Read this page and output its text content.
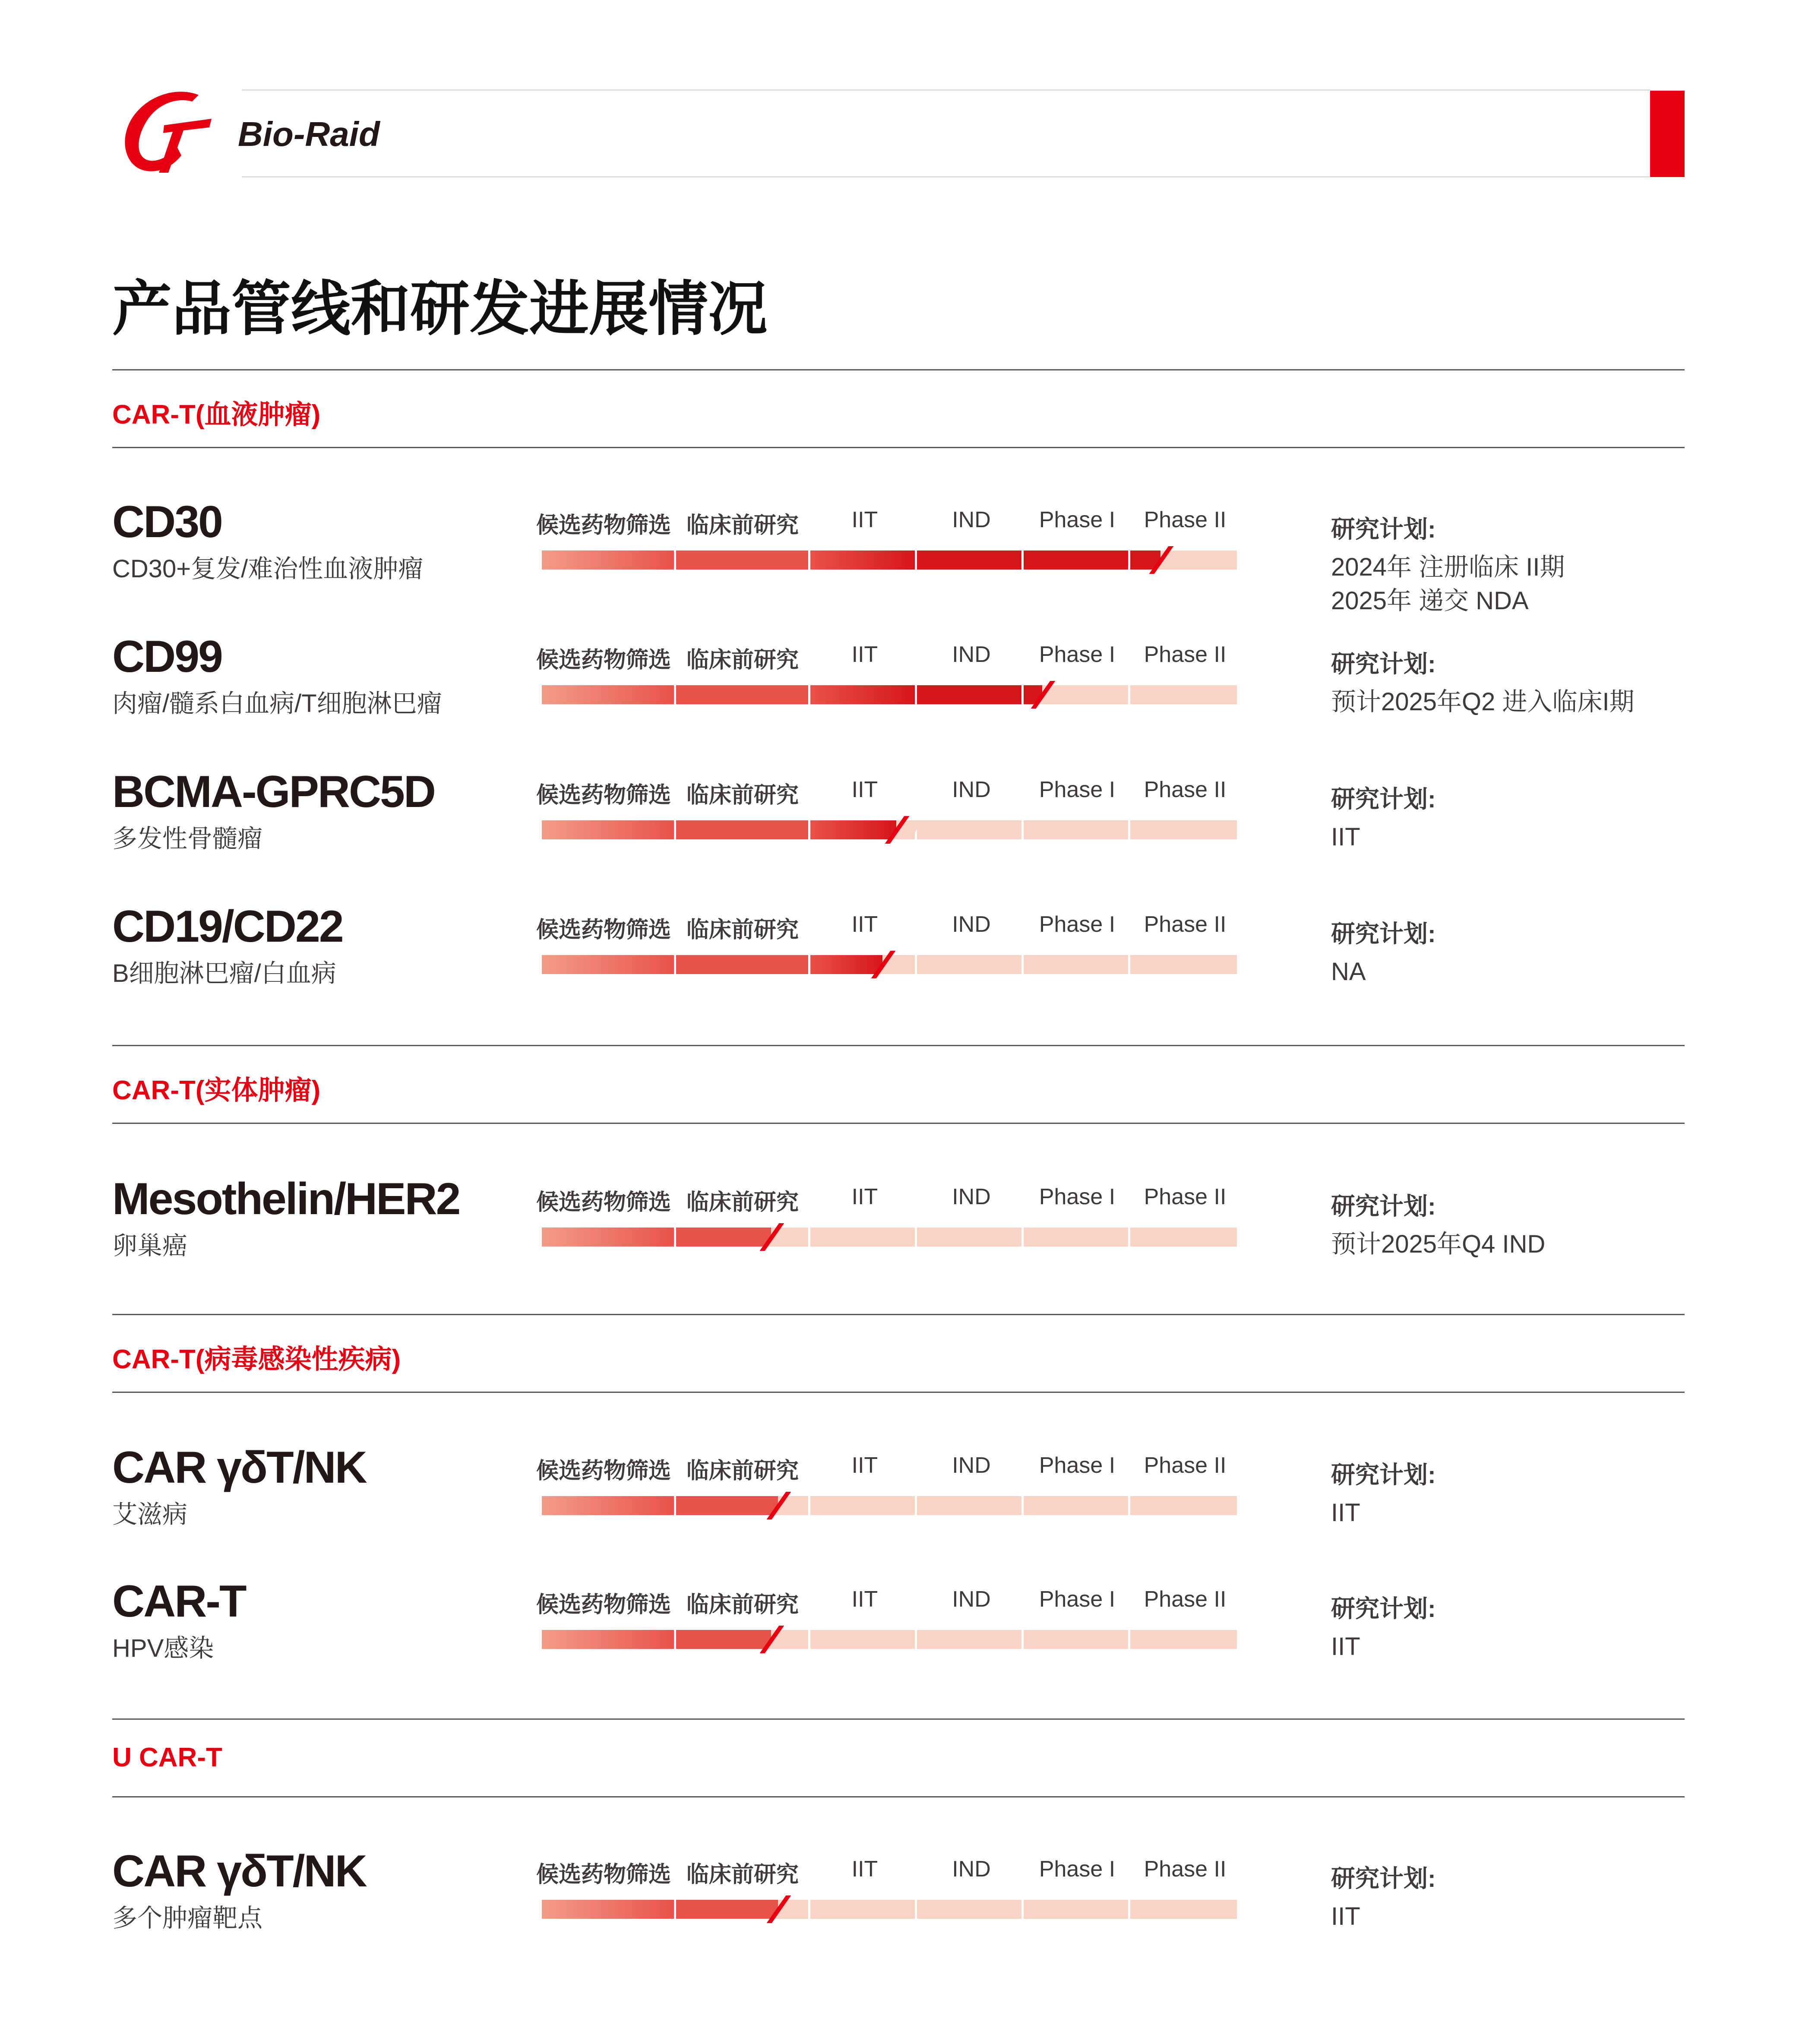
Bio-Raid
产品管线和研发进展情况
CAR-T(血液肿瘤)
CD30
CD30+复发/难治性血液肿瘤
候选药物筛选 临床前研究 IIT	IND Phase I Phase II	研究计划:
2024年 注册临床 II期
2025年 递交 NDA
CD99
肉瘤/髓系白血病/T细胞淋巴瘤
候选药物筛选 临床前研究 IIT	IND Phase I Phase II	研究计划:
预计2025年Q2 进入临床I期
BCMA-GPRC5D
多发性骨髓瘤
候选药物筛选 临床前研究 IIT	IND Phase I Phase II	研究计划:
IIT
CD19/CD22
B细胞淋巴瘤/白血病
候选药物筛选 临床前研究 IIT	IND Phase I Phase II	研究计划:
NA
CAR-T(实体肿瘤)
Mesothelin/HER2
卵巢癌
候选药物筛选 临床前研究 IIT	IND Phase I Phase II	研究计划:
预计2025年Q4 IND
CAR-T(病毒感染性疾病)
CAR γδT/NK
艾滋病
候选药物筛选 临床前研究 IIT	IND Phase I Phase II	研究计划:
IIT
CAR-T
HPV感染
候选药物筛选 临床前研究 IIT	IND Phase I Phase II	研究计划:
IIT
U CAR-T
CAR γδT/NK
多个肿瘤靶点
候选药物筛选 临床前研究 IIT	IND Phase I Phase II	研究计划:
IIT
